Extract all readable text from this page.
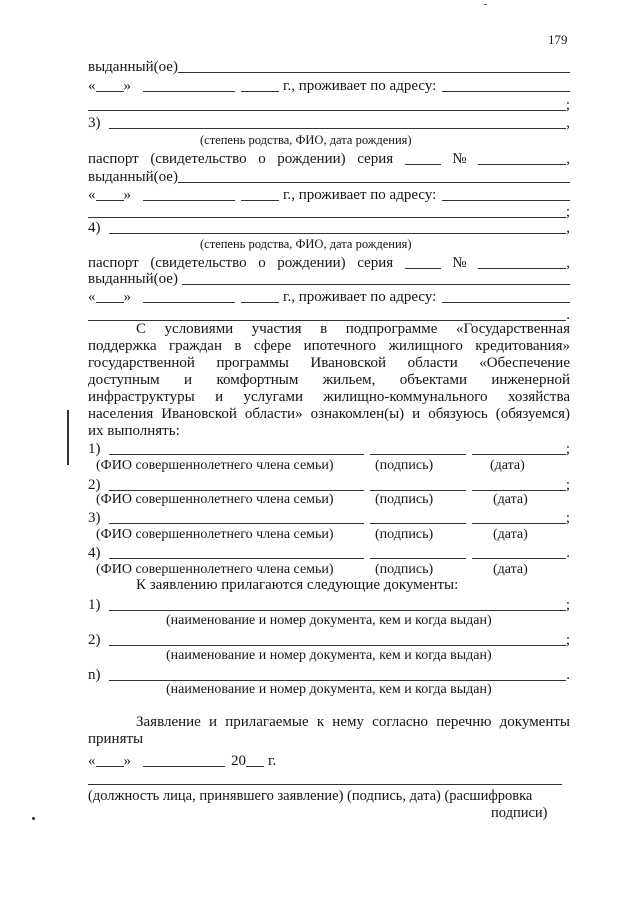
179
выданный(ое)
« »	г., проживает по адресу:
;
3)	,
(степень родства, ФИО, дата рождения)
паспорт (свидетельство о рождении) серия	№	,
выданный(ое)
« »	г., проживает по адресу:
;
4)	,
(степень родства, ФИО, дата рождения)
паспорт (свидетельство о рождении) серия	№	,
выданный(ое)
« »	г., проживает по адресу:
.
С условиями участия в подпрограмме «Государственная
поддержка граждан в сфере ипотечного жилищного кредитования»
государственной программы Ивановской области «Обеспечение
доступным и комфортным жильем, объектами инженерной
инфраструктуры и услугами жилищно-коммунального хозяйства
населения Ивановской области» ознакомлен(ы) и обязуюсь (обязуемся)
их выполнять:
1)	;
(ФИО совершеннолетнего члена семьи)	(подпись)	(дата)
2)	;
(ФИО совершеннолетнего члена семьи)	(подпись)	(дата)
3)	;
(ФИО совершеннолетнего члена семьи)	(подпись)	(дата)
4)	.
(ФИО совершеннолетнего члена семьи)	(подпись)	(дата)
К заявлению прилагаются следующие документы:
1)	;
(наименование и номер документа, кем и когда выдан)
2)	;
(наименование и номер документа, кем и когда выдан)
n)	.
(наименование и номер документа, кем и когда выдан)
Заявление и прилагаемые к нему согласно перечню документы
приняты
« »	20 г.
(должность лица, принявшего заявление) (подпись, дата) (расшифровка
подписи)
